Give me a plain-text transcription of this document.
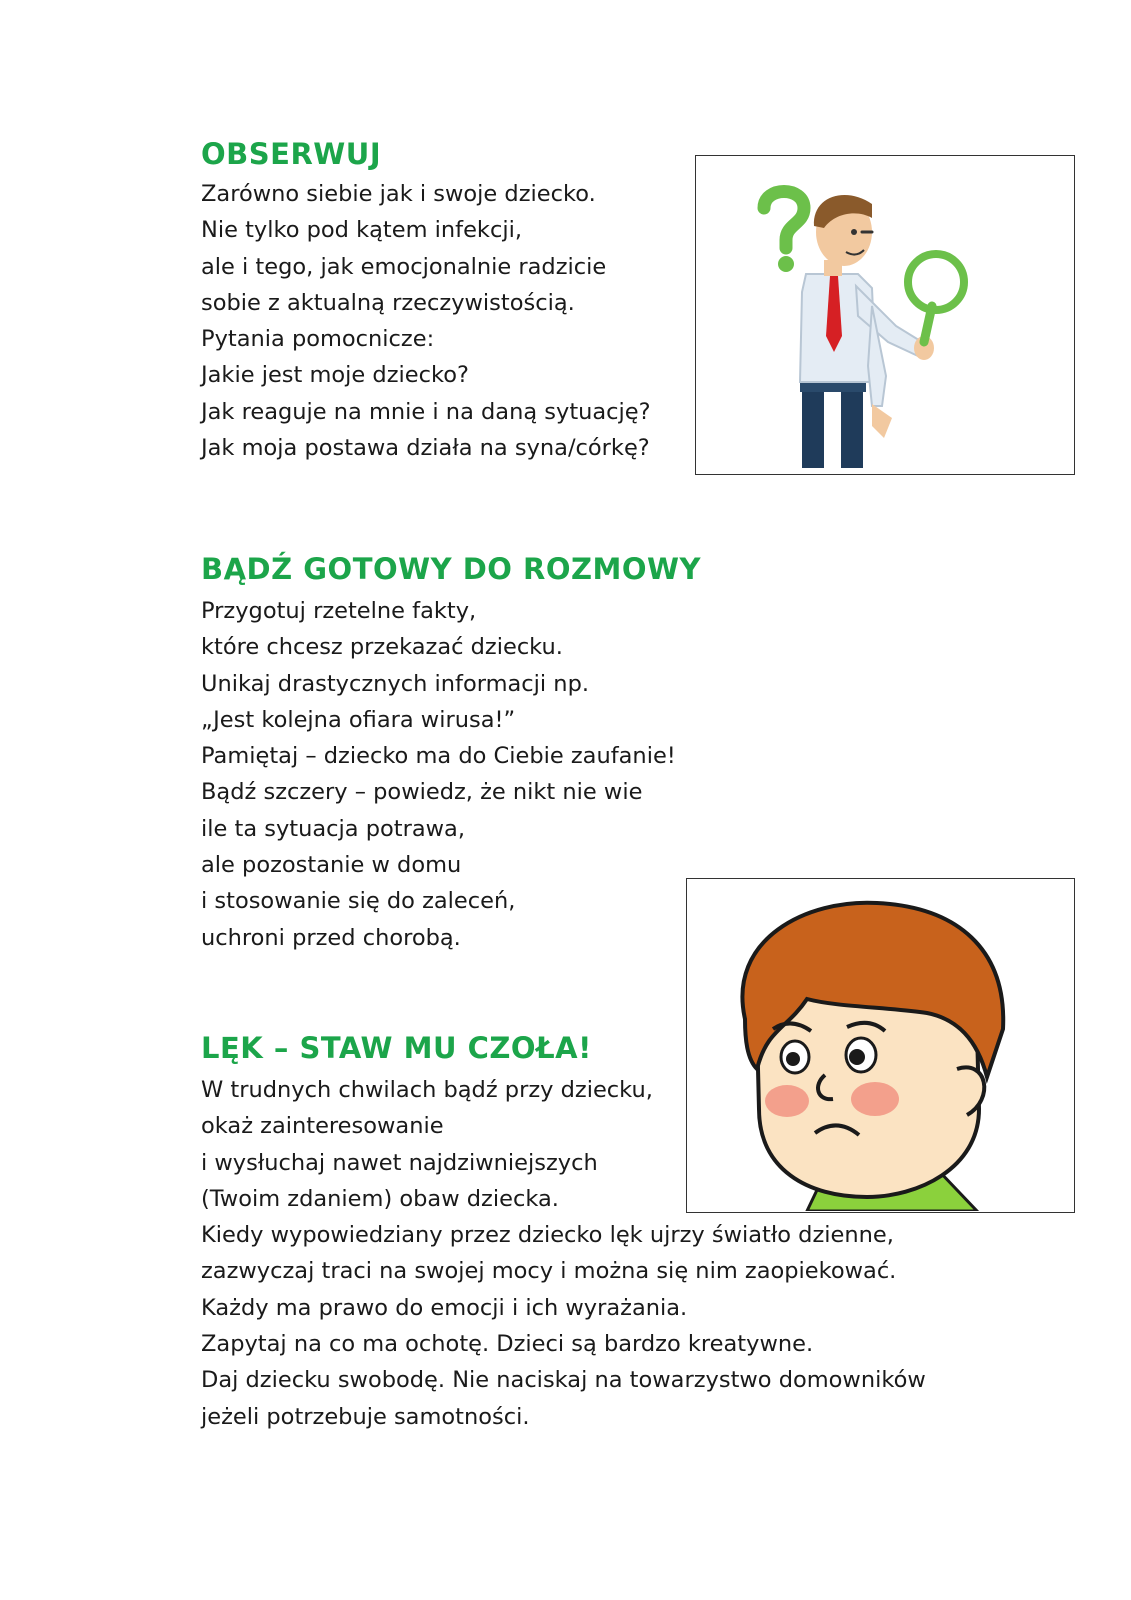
OBSERWUJ
Zarówno siebie jak i swoje dziecko.
Nie tylko pod kątem infekcji,
ale i tego, jak emocjonalnie radzicie
sobie z aktualną rzeczywistością.
Pytania pomocnicze:
Jakie jest moje dziecko?
Jak reaguje na mnie i na daną sytuację?
Jak moja postawa działa na syna/córkę?
BĄDŹ GOTOWY DO ROZMOWY
Przygotuj rzetelne fakty,
które chcesz przekazać dziecku.
Unikaj drastycznych informacji np.
„Jest kolejna ofiara wirusa!”
Pamiętaj – dziecko ma do Ciebie zaufanie!
Bądź szczery – powiedz, że nikt nie wie
ile ta sytuacja potrawa,
ale pozostanie w domu
i stosowanie się do zaleceń,
uchroni przed chorobą.
LĘK – STAW MU CZOŁA!
W trudnych chwilach bądź przy dziecku,
okaż zainteresowanie
i wysłuchaj nawet najdziwniejszych
(Twoim zdaniem) obaw dziecka.
Kiedy wypowiedziany przez dziecko lęk ujrzy światło dzienne,
zazwyczaj traci na swojej mocy i można się nim zaopiekować.
Każdy ma prawo do emocji i ich wyrażania.
Zapytaj na co ma ochotę. Dzieci są bardzo kreatywne.
Daj dziecku swobodę. Nie naciskaj na towarzystwo domowników
jeżeli potrzebuje samotności.
